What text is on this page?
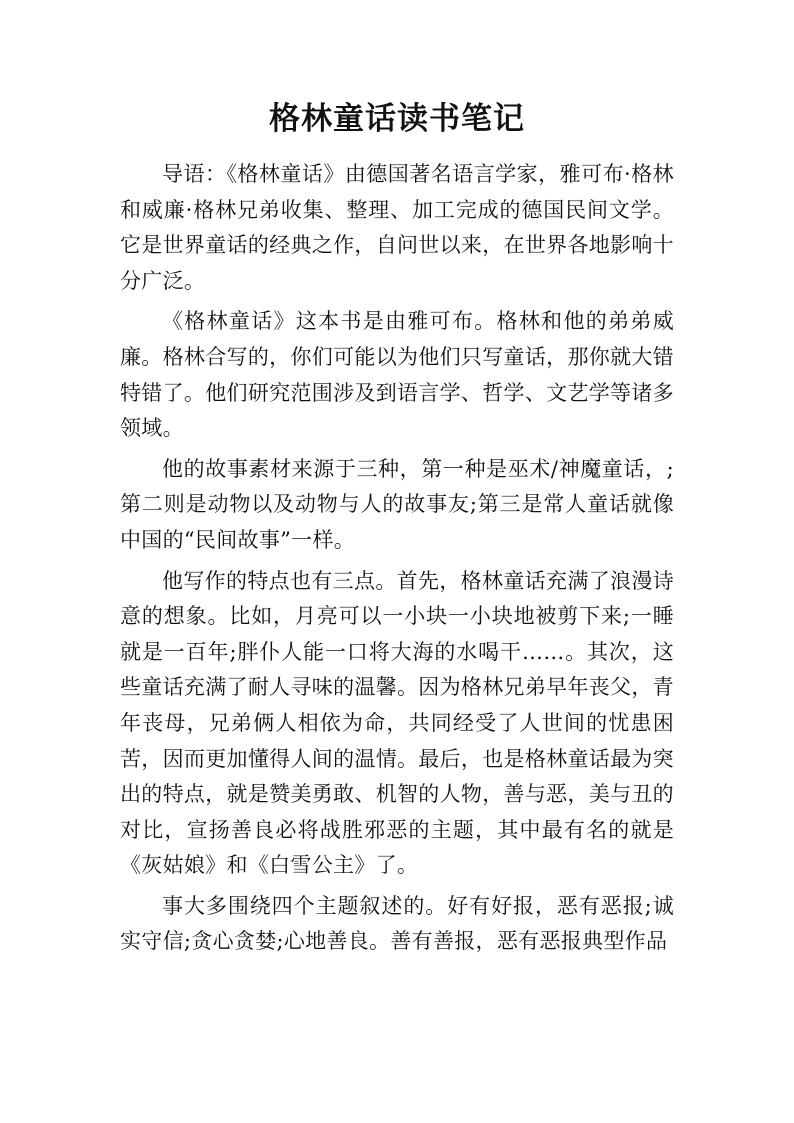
格林童话读书笔记

导语：《格林童话》由德国著名语言学家，雅可布·格林和威廉·格林兄弟收集、整理、加工完成的德国民间文学。它是世界童话的经典之作，自问世以来，在世界各地影响十分广泛。

《格林童话》这本书是由雅可布。格林和他的弟弟威廉。格林合写的，你们可能以为他们只写童话，那你就大错特错了。他们研究范围涉及到语言学、哲学、文艺学等诸多领域。

他的故事素材来源于三种，第一种是巫术/神魔童话，;第二则是动物以及动物与人的故事友;第三是常人童话就像中国的“民间故事”一样。

他写作的特点也有三点。首先，格林童话充满了浪漫诗意的想象。比如，月亮可以一小块一小块地被剪下来;一睡就是一百年;胖仆人能一口将大海的水喝干……。其次，这些童话充满了耐人寻味的温馨。因为格林兄弟早年丧父，青年丧母，兄弟俩人相依为命，共同经受了人世间的忧患困苦，因而更加懂得人间的温情。最后，也是格林童话最为突出的特点，就是赞美勇敢、机智的人物，善与恶，美与丑的对比，宣扬善良必将战胜邪恶的主题，其中最有名的就是《灰姑娘》和《白雪公主》了。

事大多围绕四个主题叙述的。好有好报，恶有恶报;诚实守信;贪心贪婪;心地善良。善有善报，恶有恶报典型作品
